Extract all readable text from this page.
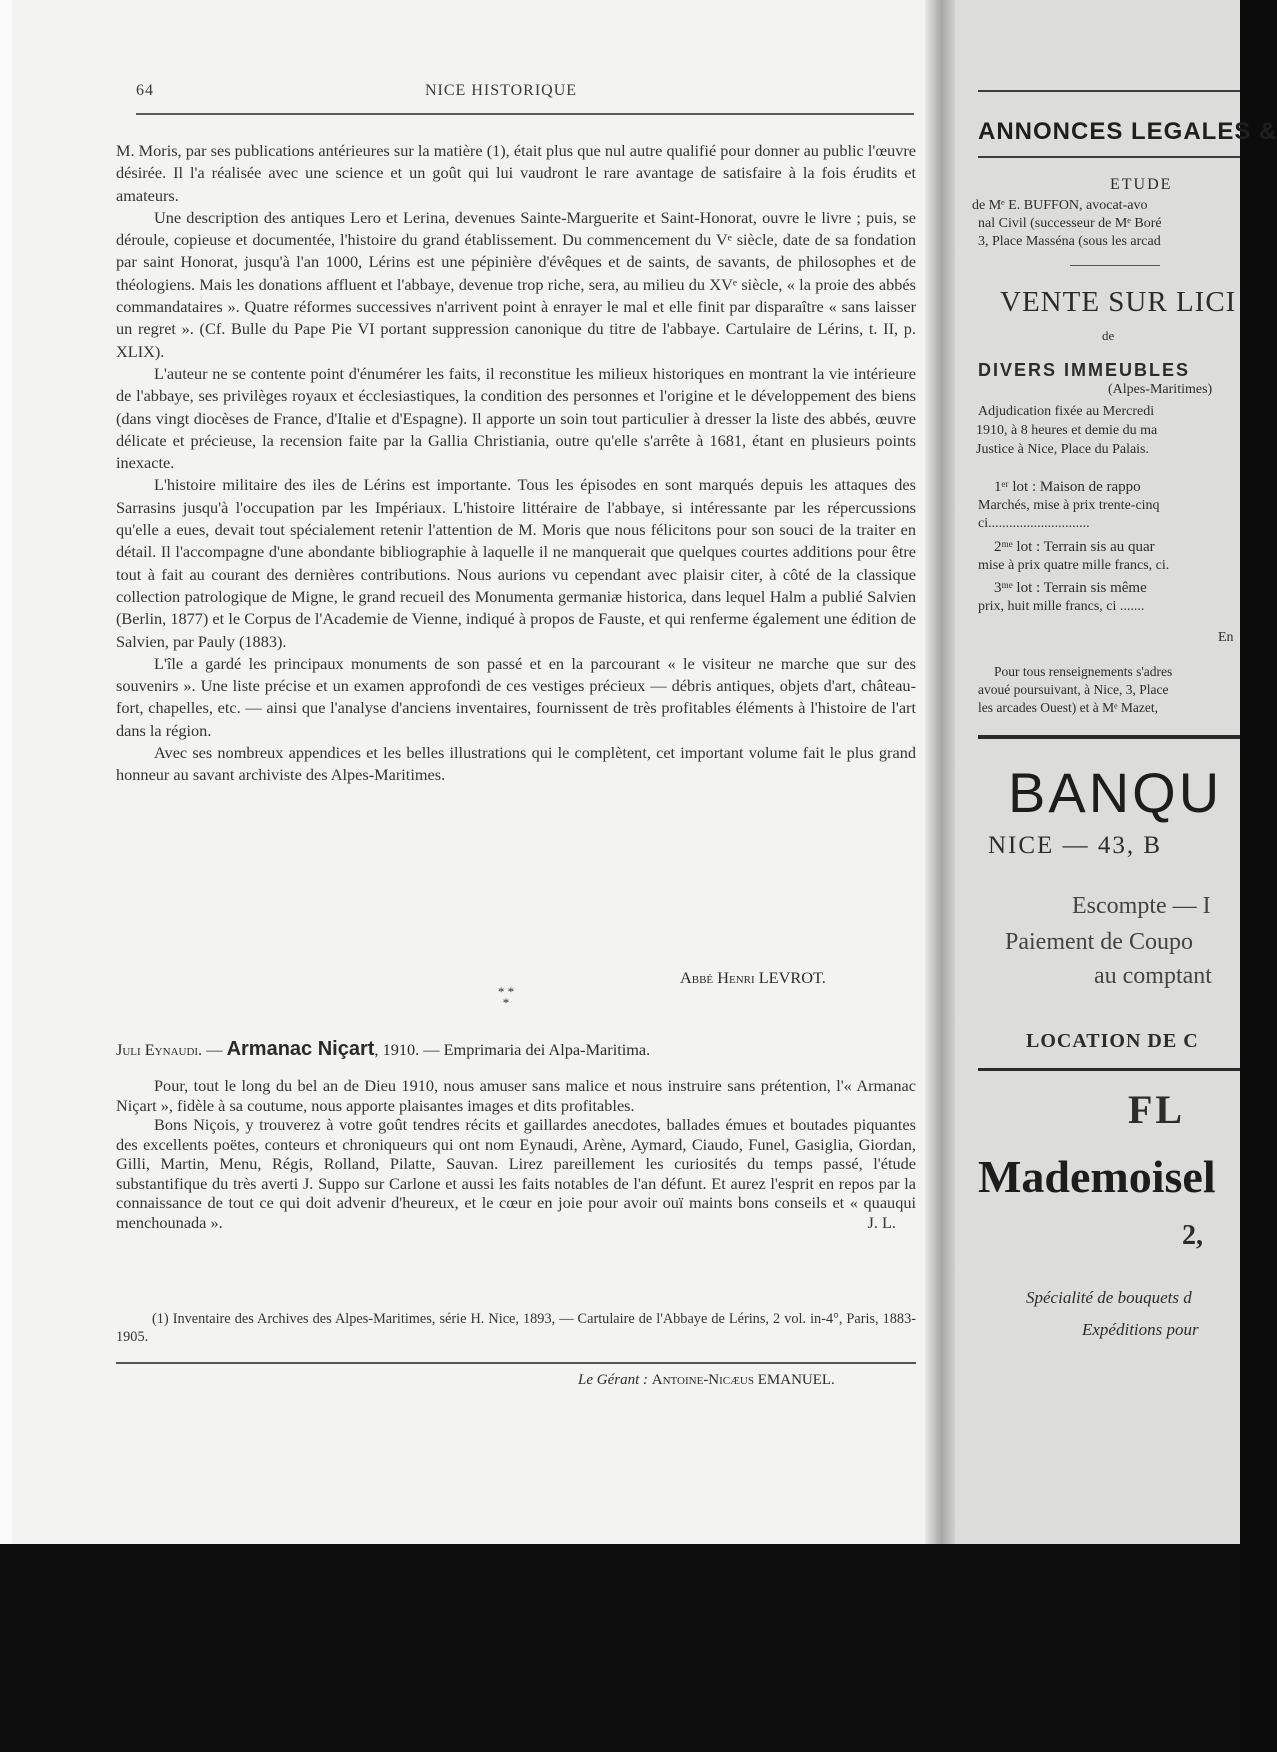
64	NICE HISTORIQUE

M. Moris, par ses publications antérieures sur la matière (1), était plus que nul autre qualifié pour donner au public l'œuvre désirée. Il l'a réalisée avec une science et un goût qui lui vaudront le rare avantage de satisfaire à la fois érudits et amateurs.

Une description des antiques Lero et Lerina, devenues Sainte-Marguerite et Saint-Honorat, ouvre le livre ; puis, se déroule, copieuse et documentée, l'histoire du grand établissement. Du commencement du Vᵉ siècle, date de sa fondation par saint Honorat, jusqu'à l'an 1000, Lérins est une pépinière d'évêques et de saints, de savants, de philosophes et de théologiens. Mais les donations affluent et l'abbaye, devenue trop riche, sera, au milieu du XVᵉ siècle, « la proie des abbés commandataires ». Quatre réformes successives n'arrivent point à enrayer le mal et elle finit par disparaître « sans laisser un regret ». (Cf. Bulle du Pape Pie VI portant suppression canonique du titre de l'abbaye. Cartulaire de Lérins, t. II, p. XLIX).

L'auteur ne se contente point d'énumérer les faits, il reconstitue les milieux historiques en montrant la vie intérieure de l'abbaye, ses privilèges royaux et écclesiastiques, la condition des personnes et l'origine et le développement des biens (dans vingt diocèses de France, d'Italie et d'Espagne). Il apporte un soin tout particulier à dresser la liste des abbés, œuvre délicate et précieuse, la recension faite par la Gallia Christiania, outre qu'elle s'arrête à 1681, étant en plusieurs points inexacte.

L'histoire militaire des iles de Lérins est importante. Tous les épisodes en sont marqués depuis les attaques des Sarrasins jusqu'à l'occupation par les Impériaux. L'histoire littéraire de l'abbaye, si intéressante par les répercussions qu'elle a eues, devait tout spécialement retenir l'attention de M. Moris que nous félicitons pour son souci de la traiter en détail. Il l'accompagne d'une abondante bibliographie à laquelle il ne manquerait que quelques courtes additions pour être tout à fait au courant des dernières contributions. Nous aurions vu cependant avec plaisir citer, à côté de la classique collection patrologique de Migne, le grand recueil des Monumenta germaniæ historica, dans lequel Halm a publié Salvien (Berlin, 1877) et le Corpus de l'Academie de Vienne, indiqué à propos de Fauste, et qui renferme également une édition de Salvien, par Pauly (1883).

L'île a gardé les principaux monuments de son passé et en la parcourant « le visiteur ne marche que sur des souvenirs ». Une liste précise et un examen approfondi de ces vestiges précieux — débris antiques, objets d'art, château-fort, chapelles, etc. — ainsi que l'analyse d'anciens inventaires, fournissent de très profitables éléments à l'histoire de l'art dans la région.

Avec ses nombreux appendices et les belles illustrations qui le complètent, cet important volume fait le plus grand honneur au savant archiviste des Alpes-Maritimes.

Abbé Henri LEVROT.
* * *
Juli Eynaudi. — Armanac Niçart, 1910. — Emprimaria dei Alpa-Maritima.

Pour, tout le long du bel an de Dieu 1910, nous amuser sans malice et nous instruire sans prétention, l'« Armanac Niçart », fidèle à sa coutume, nous apporte plaisantes images et dits profitables.

Bons Niçois, y trouverez à votre goût tendres récits et gaillardes anecdotes, ballades émues et boutades piquantes des excellents poëtes, conteurs et chroniqueurs qui ont nom Eynaudi, Arène, Aymard, Ciaudo, Funel, Gasiglia, Giordan, Gilli, Martin, Menu, Régis, Rolland, Pilatte, Sauvan. Lirez pareillement les curiosités du temps passé, l'étude substantifique du très averti J. Suppo sur Carlone et aussi les faits notables de l'an défunt. Et aurez l'esprit en repos par la connaissance de tout ce qui doit advenir d'heureux, et le cœur en joie pour avoir ouï maints bons conseils et « quauqui menchounada ».	J. L.

(1) Inventaire des Archives des Alpes-Maritimes, série H. Nice, 1893, — Cartulaire de l'Abbaye de Lérins, 2 vol. in-4°, Paris, 1883-1905.

Le Gérant : Antoine-Nicæus EMANUEL.
ANNONCES LEGALES &
ETUDE
de Mᵉ E. BUFFON, avocat-avo
nal Civil (successeur de Mᵉ Boré
3, Place Masséna (sous les arcad
VENTE SUR LICI
de
DIVERS IMMEUBLES
(Alpes-Maritimes)
Adjudication fixée au Mercredi
1910, à 8 heures et demie du ma
Justice à Nice, Place du Palais.
1ᵉʳ lot : Maison de rappo
Marchés, mise à prix trente-cinq
ci.............................
2ᵐᵉ lot : Terrain sis au quar
mise à prix quatre mille francs, ci.
3ᵐᵉ lot : Terrain sis même
prix, huit mille francs, ci .......
En
Pour tous renseignements s'adres
avoué poursuivant, à Nice, 3, Place
les arcades Ouest) et à Mᵉ Mazet,
BANQU
NICE — 43, B
Escompte — I
Paiement de Coupo
au comptant
LOCATION DE C
FL
Mademoisel
2,
Spécialité de bouquets d
Expéditions pour
